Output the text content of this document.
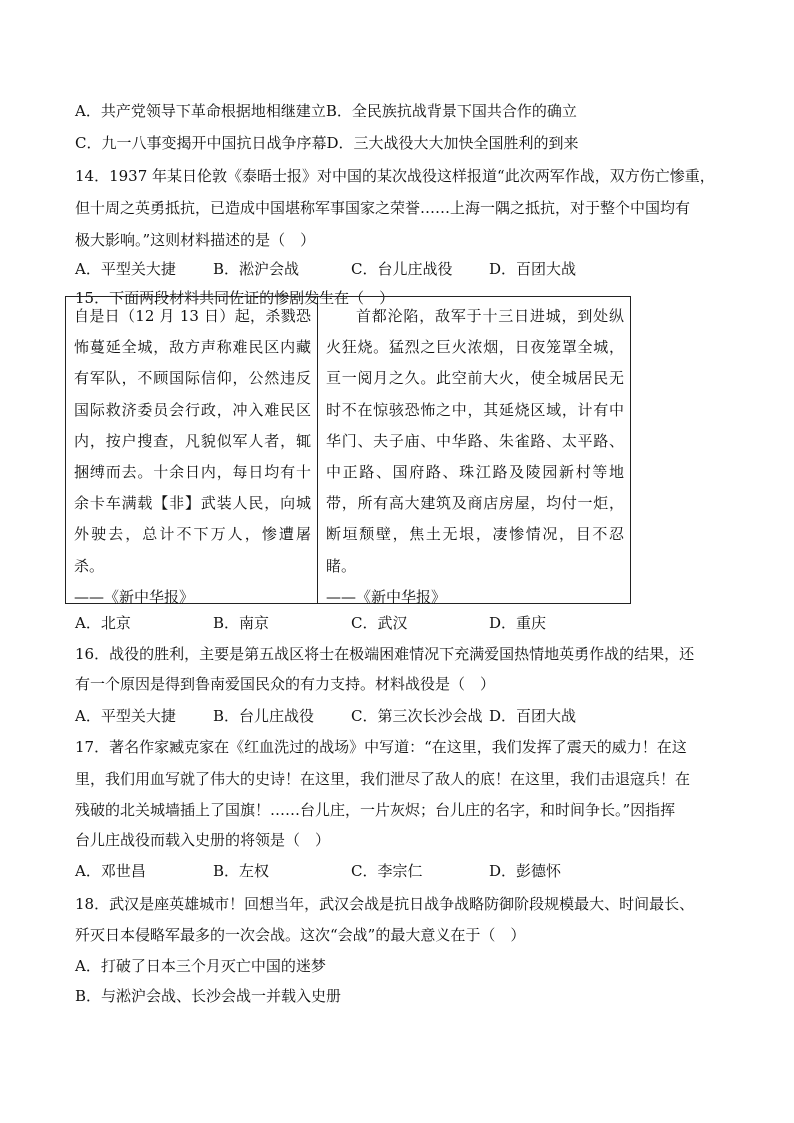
A．共产党领导下革命根据地相继建立B．全民族抗战背景下国共合作的确立
C．九一八事变揭开中国抗日战争序幕D．三大战役大大加快全国胜利的到来
14．1937 年某日伦敦《泰晤士报》对中国的某次战役这样报道“此次两军作战，双方伤亡惨重，
但十周之英勇抵抗，已造成中国堪称军事国家之荣誉……上海一隅之抵抗，对于整个中国均有
极大影响。”这则材料描述的是（　）
A．平型关大捷	B．淞沪会战	C．台儿庄战役	D．百团大战
15．下面两段材料共同佐证的惨剧发生在（　）

自是日（12 月 13 日）起，杀戮恐怖蔓延全城，敌方声称难民区内藏有军队，不顾国际信仰，公然违反国际救济委员会行政，冲入难民区内，按户搜查，凡貌似军人者，辄捆缚而去。十余日内，每日均有十余卡车满载【非】武装人民，向城外驶去，总计不下万人，惨遭屠杀。

——《新中华报》

首都沦陷，敌军于十三日进城，到处纵火狂烧。猛烈之巨火浓烟，日夜笼罩全城，亘一阅月之久。此空前大火，使全城居民无时不在惊骇恐怖之中，其延烧区域，计有中华门、夫子庙、中华路、朱雀路、太平路、中正路、国府路、珠江路及陵园新村等地带，所有高大建筑及商店房屋，均付一炬，断垣颓壁，焦土无垠，凄惨情况，目不忍睹。

——《新中华报》

A．北京	B．南京	C．武汉	D．重庆
16．战役的胜利，主要是第五战区将士在极端困难情况下充满爱国热情地英勇作战的结果，还
有一个原因是得到鲁南爱国民众的有力支持。材料战役是（　）
A．平型关大捷	B．台儿庄战役	C．第三次长沙会战 D．百团大战
17．著名作家臧克家在《红血洗过的战场》中写道：“在这里，我们发挥了震天的威力！在这
里，我们用血写就了伟大的史诗！在这里，我们泄尽了敌人的底！在这里，我们击退寇兵！在
残破的北关城墙插上了国旗！……台儿庄，一片灰烬；台儿庄的名字，和时间争长。”因指挥
台儿庄战役而载入史册的将领是（　）
A．邓世昌	B．左权	C．李宗仁	D．彭德怀
18．武汉是座英雄城市！回想当年，武汉会战是抗日战争战略防御阶段规模最大、时间最长、
歼灭日本侵略军最多的一次会战。这次“会战”的最大意义在于（　）
A．打破了日本三个月灭亡中国的迷梦
B．与淞沪会战、长沙会战一并载入史册
